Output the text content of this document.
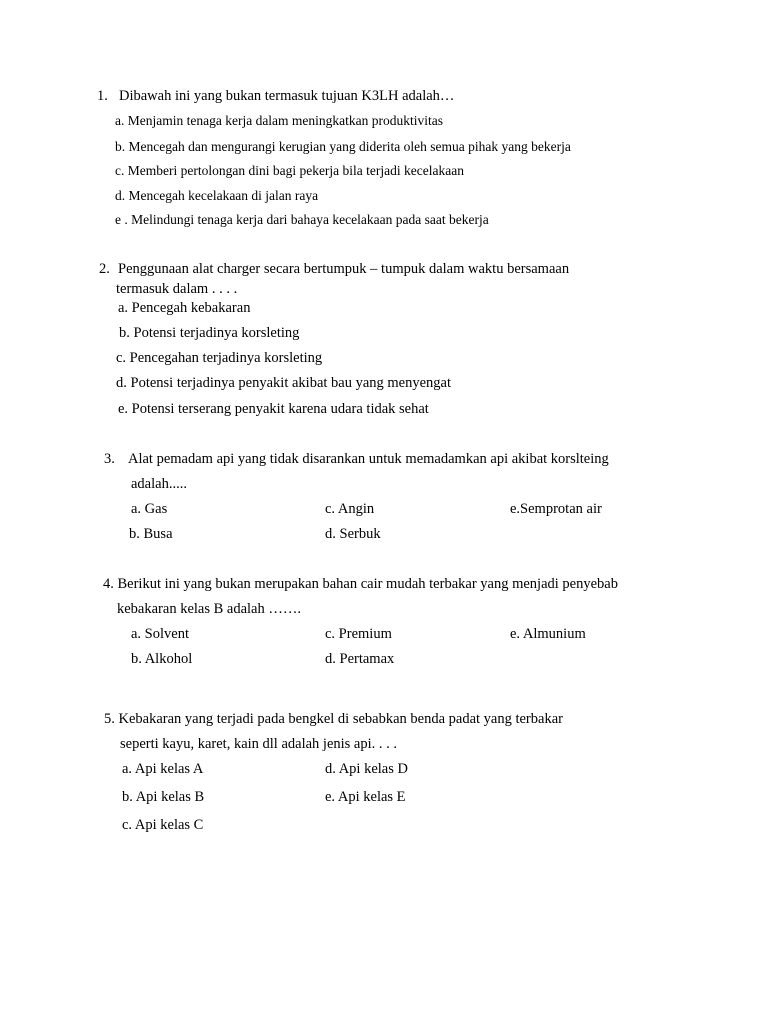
1. Dibawah ini yang bukan termasuk tujuan K3LH adalah…
a. Menjamin tenaga kerja dalam meningkatkan produktivitas
b. Mencegah dan mengurangi kerugian yang diderita oleh semua pihak yang bekerja
c. Memberi pertolongan dini bagi pekerja bila terjadi kecelakaan
d. Mencegah kecelakaan di jalan raya
e . Melindungi tenaga kerja dari bahaya kecelakaan pada saat bekerja
2. Penggunaan alat charger secara bertumpuk – tumpuk dalam waktu bersamaan
termasuk dalam . . . .
a. Pencegah kebakaran
b. Potensi terjadinya korsleting
c. Pencegahan terjadinya korsleting
d. Potensi terjadinya penyakit akibat bau yang menyengat
e. Potensi terserang penyakit karena udara tidak sehat
3. Alat pemadam api yang tidak disarankan untuk memadamkan api akibat korslteing
adalah.....
a. Gas
b. Busa
c. Angin
d. Serbuk
e.Semprotan air
4. Berikut ini yang bukan merupakan bahan cair mudah terbakar yang menjadi penyebab
kebakaran kelas B adalah …….
a. Solvent
b. Alkohol
c. Premium
d. Pertamax
e. Almunium
5. Kebakaran yang terjadi pada bengkel di sebabkan benda padat yang terbakar
seperti kayu, karet, kain dll adalah jenis api. . . .
a. Api kelas A
b. Api kelas B
c. Api kelas C
d. Api kelas D
e. Api kelas E
